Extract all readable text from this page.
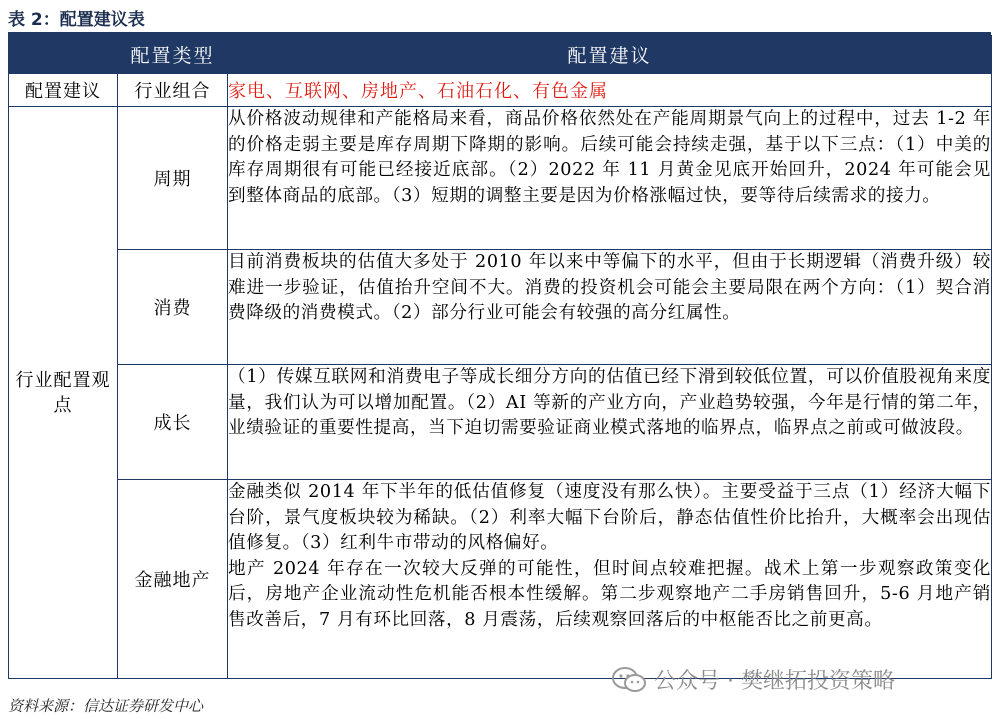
表 2：配置建议表
	配置类型	配置建议
配置建议	行业组合	家电、互联网、房地产、石油石化、有色金属
行业配置观点	周期	从价格波动规律和产能格局来看，商品价格依然处在产能周期景气向上的过程中，过去 1-2 年的价格走弱主要是库存周期下降期的影响。后续可能会持续走强，基于以下三点：（1）中美的库存周期很有可能已经接近底部。（2）2022 年 11 月黄金见底开始回升，2024 年可能会见到整体商品的底部。（3）短期的调整主要是因为价格涨幅过快，要等待后续需求的接力。
	消费	目前消费板块的估值大多处于 2010 年以来中等偏下的水平，但由于长期逻辑（消费升级）较难进一步验证，估值抬升空间不大。消费的投资机会可能会主要局限在两个方向：（1）契合消费降级的消费模式。（2）部分行业可能会有较强的高分红属性。
	成长	（1）传媒互联网和消费电子等成长细分方向的估值已经下滑到较低位置，可以价值股视角来度量，我们认为可以增加配置。（2）AI 等新的产业方向，产业趋势较强，今年是行情的第二年，业绩验证的重要性提高，当下迫切需要验证商业模式落地的临界点，临界点之前或可做波段。
	金融地产	金融类似 2014 年下半年的低估值修复（速度没有那么快）。主要受益于三点（1）经济大幅下台阶，景气度板块较为稀缺。（2）利率大幅下台阶后，静态估值性价比抬升，大概率会出现估值修复。（3）红利牛市带动的风格偏好。
地产 2024 年存在一次较大反弹的可能性，但时间点较难把握。战术上第一步观察政策变化后，房地产企业流动性危机能否根本性缓解。第二步观察地产二手房销售回升，5-6 月地产销售改善后，7 月有环比回落，8 月震荡，后续观察回落后的中枢能否比之前更高。
资料来源：信达证券研发中心
公众号 · 樊继拓投资策略
